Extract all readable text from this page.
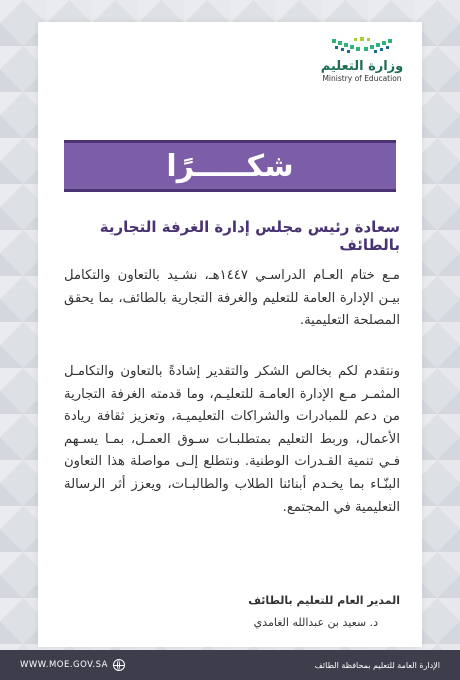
وزارة التعليم
Ministry of Education
شكـــــرًا
سعادة رئيس مجلس إدارة الغرفة التجارية بالطائف

مـع ختام العـام الدراسـي ١٤٤٧هـ، نشـيد بالتعاون والتكامل بيـن الإدارة العامة للتعليم والغرفة التجارية بالطائف، بما يحقق المصلحة التعليمية.

ونتقدم لكم بخالص الشكر والتقدير إشادةً بالتعاون والتكامـل المثمـر مـع الإدارة العامـة للتعليـم، وما قدمته الغرفة التجارية من دعم للمبادرات والشراكات التعليميـة، وتعزيز ثقافة ريادة الأعمال، وربط التعليم بمتطلبـات سـوق العمـل، بمـا يسـهم فـي تنمية القـدرات الوطنية. ونتطلع إلـى مواصلة هذا التعاون البنّـاء بما يخـدم أبنائنا الطلاب والطالبـات، ويعزز أثر الرسالة التعليمية في المجتمع.

المدير العام للتعليم بالطائف
د. سعيد بن عبدالله الغامدي
الإدارة العامة للتعليم بمحافظة الطائف
WWW.MOE.GOV.SA
